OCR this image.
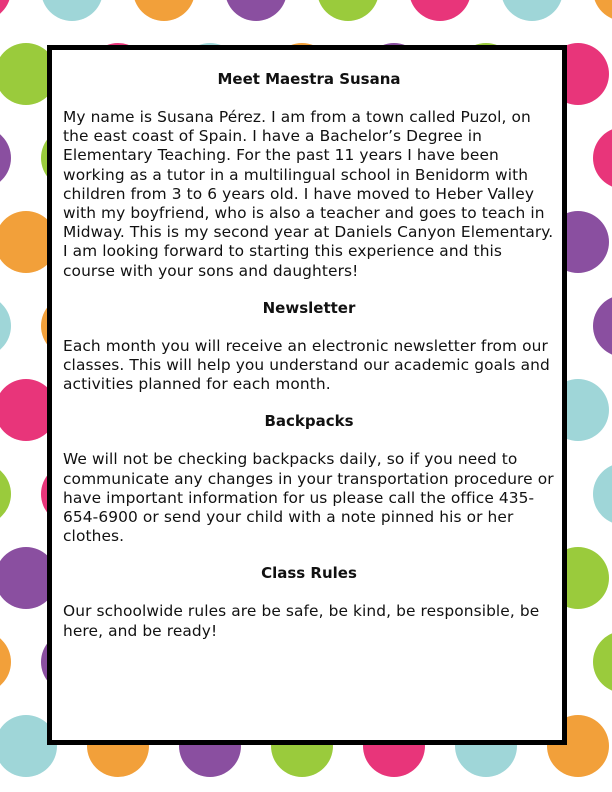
Meet Maestra Susana

My name is Susana Pérez. I am from a town called Puzol, on the east coast of Spain. I have a Bachelor’s Degree in Elementary Teaching. For the past 11 years I have been working as a tutor in a multilingual school in Benidorm with children from 3 to 6 years old. I have moved to Heber Valley with my boyfriend, who is also a teacher and goes to teach in Midway. This is my second year at Daniels Canyon Elementary. I am looking forward to starting this experience and this course with your sons and daughters!

Newsletter

Each month you will receive an electronic newsletter from our classes. This will help you understand our academic goals and activities planned for each month.

Backpacks

We will not be checking backpacks daily, so if you need to communicate any changes in your transportation procedure or have important information for us please call the office 435-654-6900 or send your child with a note pinned his or her clothes.

Class Rules

Our schoolwide rules are be safe, be kind, be responsible, be here, and be ready!
